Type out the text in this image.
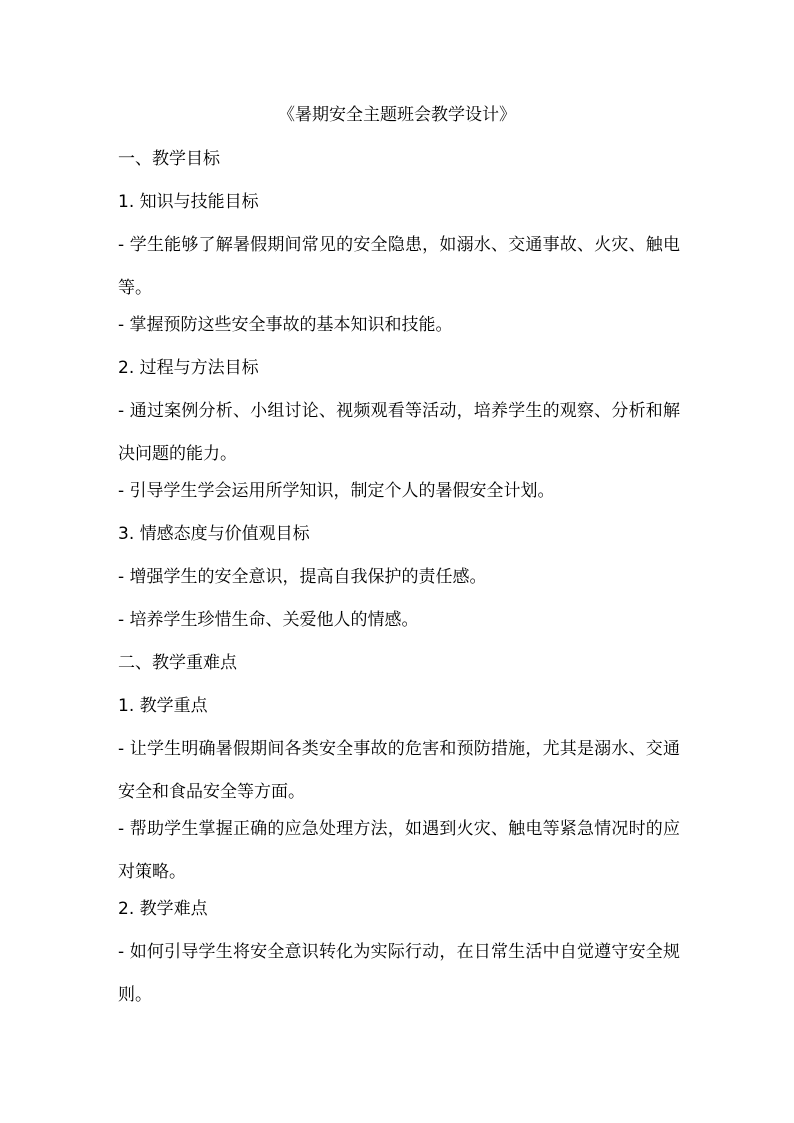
《暑期安全主题班会教学设计》
一、教学目标
1. 知识与技能目标
- 学生能够了解暑假期间常见的安全隐患，如溺水、交通事故、火灾、触电等。
- 掌握预防这些安全事故的基本知识和技能。
2. 过程与方法目标
- 通过案例分析、小组讨论、视频观看等活动，培养学生的观察、分析和解决问题的能力。
- 引导学生学会运用所学知识，制定个人的暑假安全计划。
3. 情感态度与价值观目标
- 增强学生的安全意识，提高自我保护的责任感。
- 培养学生珍惜生命、关爱他人的情感。
二、教学重难点
1. 教学重点
- 让学生明确暑假期间各类安全事故的危害和预防措施，尤其是溺水、交通安全和食品安全等方面。
- 帮助学生掌握正确的应急处理方法，如遇到火灾、触电等紧急情况时的应对策略。
2. 教学难点
- 如何引导学生将安全意识转化为实际行动，在日常生活中自觉遵守安全规则。
